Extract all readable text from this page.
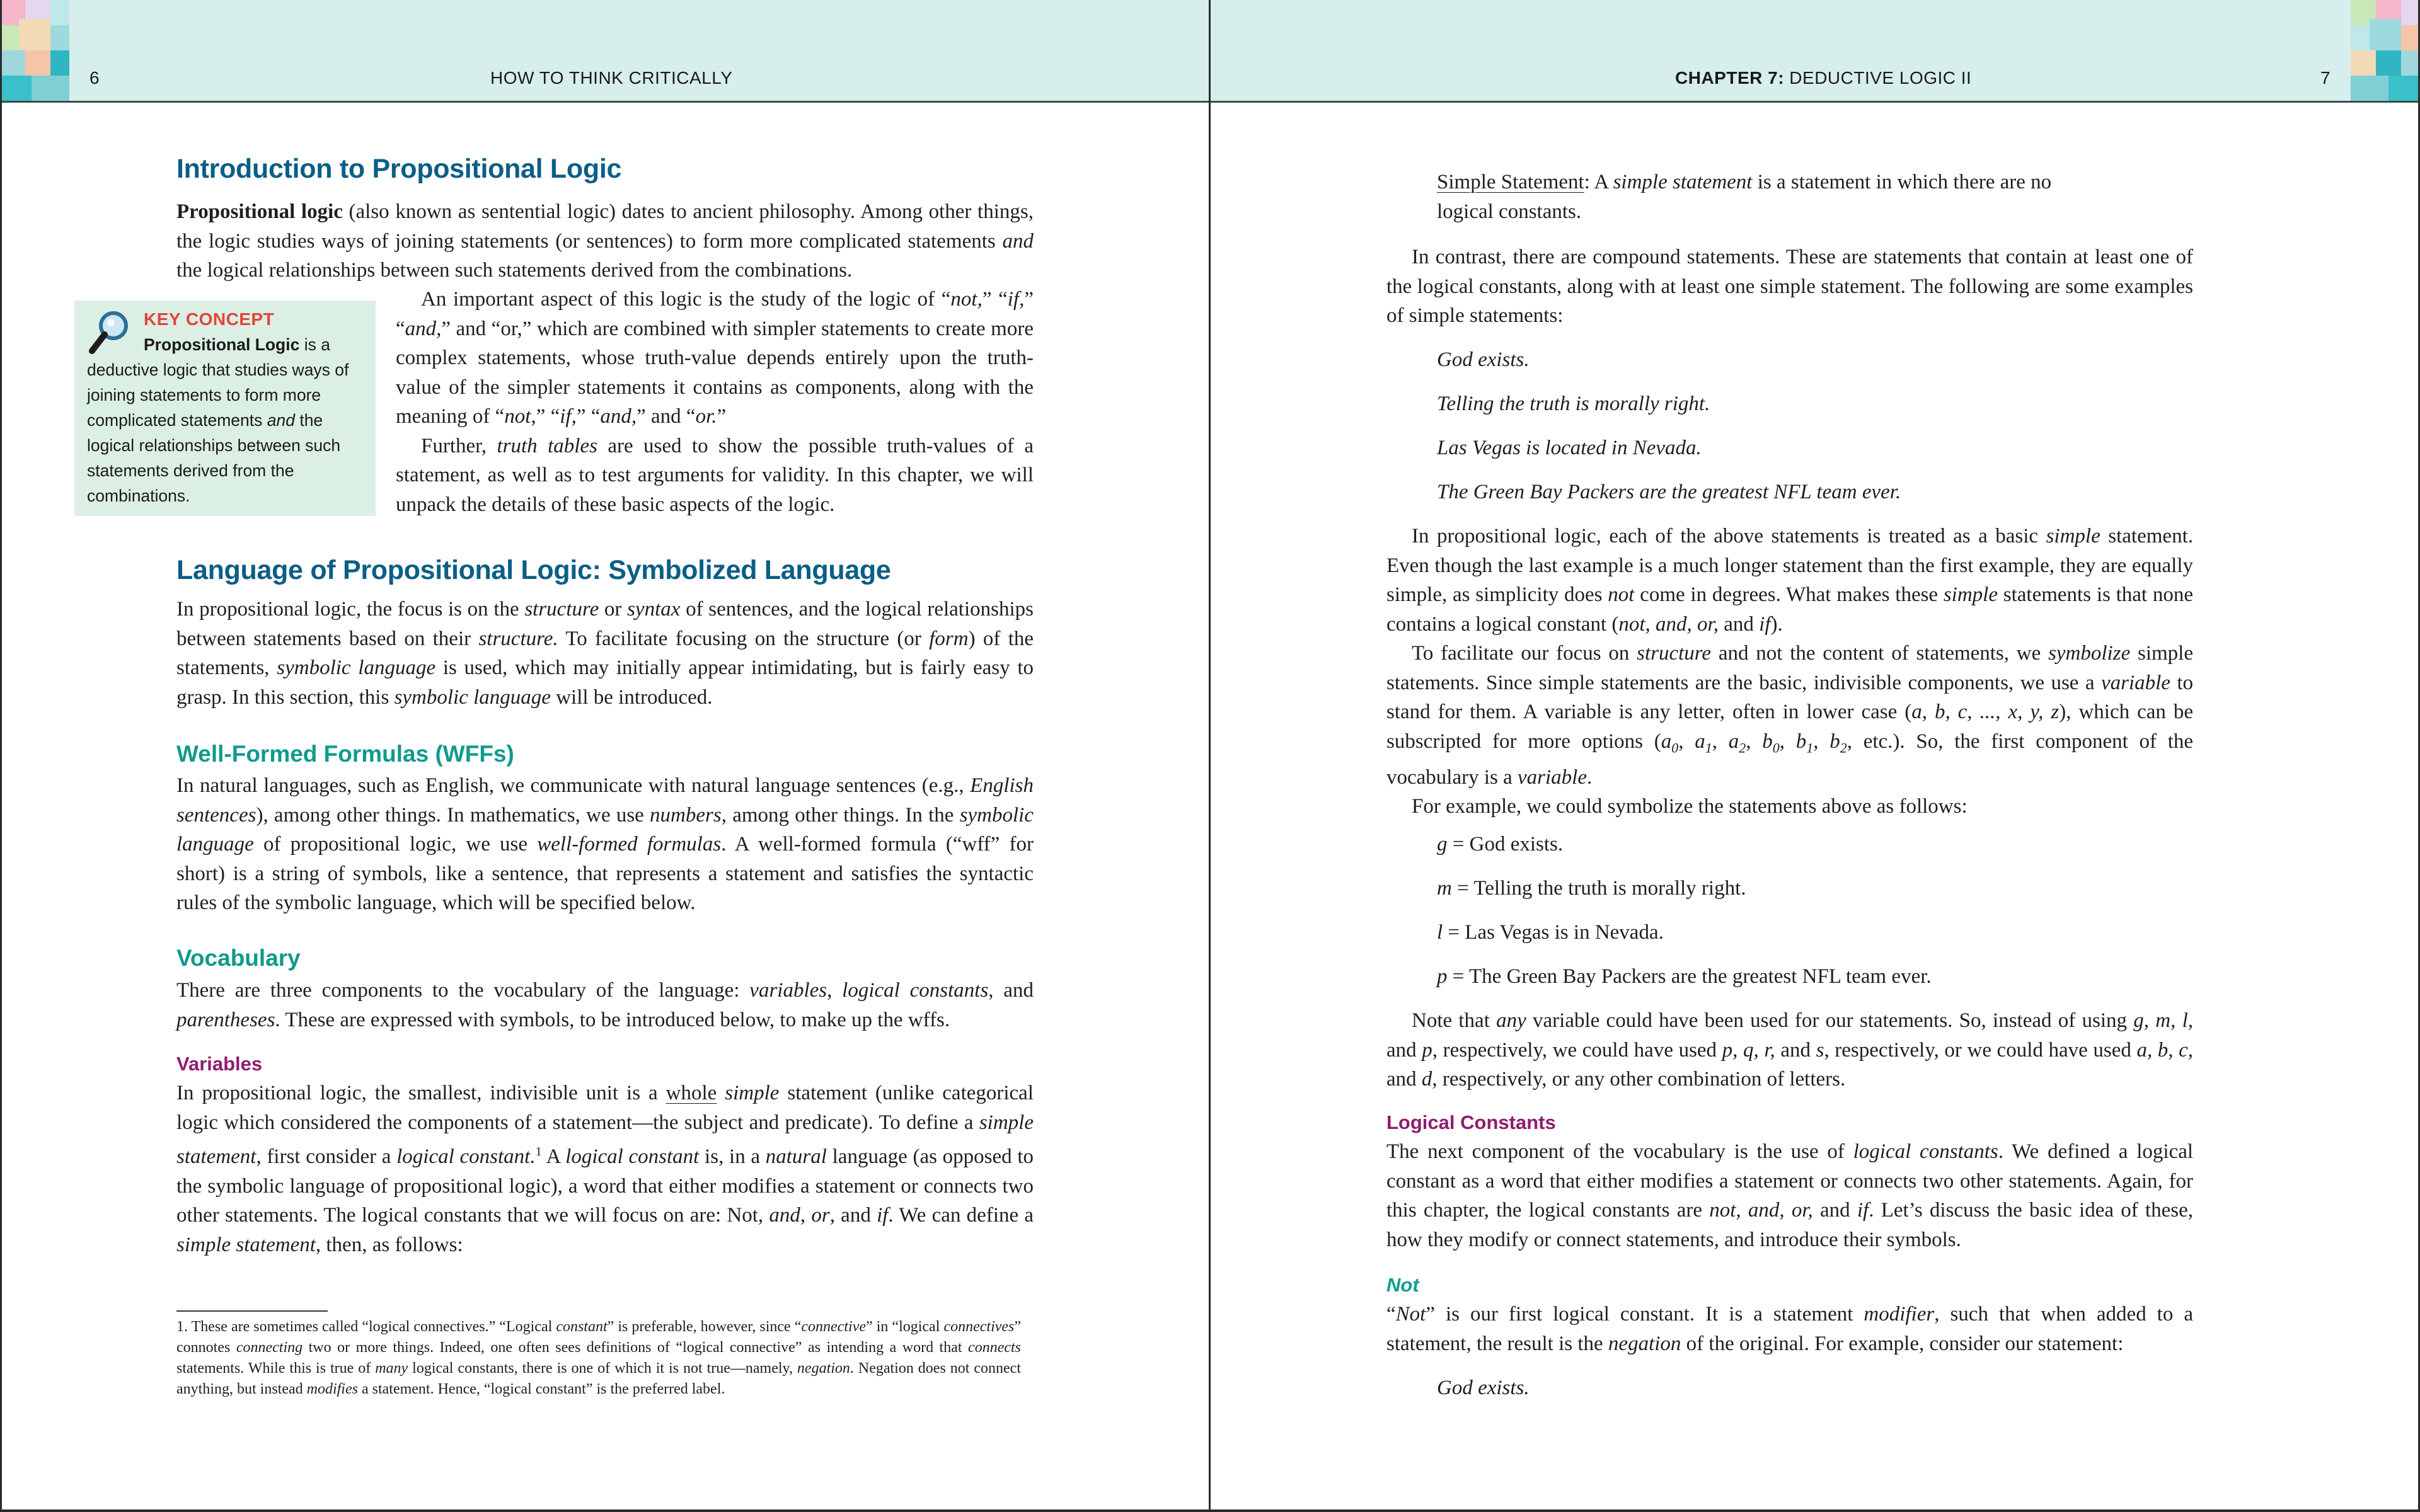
6	HOW TO THINK CRITICALLY
Introduction to Propositional Logic

Propositional logic (also known as sentential logic) dates to ancient philosophy. Among other things, the logic studies ways of joining statements (or sentences) to form more complicated statements and the logical relationships between such statements derived from the combinations.

KEY CONCEPT
Propositional Logic is a deductive logic that studies ways of joining statements to form more complicated statements and the logical relationships between such statements derived from the combinations.

An important aspect of this logic is the study of the logic of “not,” “if,” “and,” and “or,” which are combined with simpler statements to create more complex statements, whose truth-value depends entirely upon the truth-value of the simpler statements it contains as components, along with the meaning of “not,” “if,” “and,” and “or.”

Further, truth tables are used to show the possible truth-values of a statement, as well as to test arguments for validity. In this chapter, we will unpack the details of these basic aspects of the logic.

Language of Propositional Logic: Symbolized Language

In propositional logic, the focus is on the structure or syntax of sentences, and the logical relationships between statements based on their structure. To facilitate focusing on the structure (or form) of the statements, symbolic language is used, which may initially appear intimidating, but is fairly easy to grasp. In this section, this symbolic language will be introduced.

Well-Formed Formulas (WFFs)

In natural languages, such as English, we communicate with natural language sentences (e.g., English sentences), among other things. In mathematics, we use numbers, among other things. In the symbolic language of propositional logic, we use well-formed formulas. A well-formed formula (“wff” for short) is a string of symbols, like a sentence, that represents a statement and satisfies the syntactic rules of the symbolic language, which will be specified below.

Vocabulary

There are three components to the vocabulary of the language: variables, logical constants, and parentheses. These are expressed with symbols, to be introduced below, to make up the wffs.

Variables

In propositional logic, the smallest, indivisible unit is a whole simple statement (unlike categorical logic which considered the components of a statement—the subject and predicate). To define a simple statement, first consider a logical constant.$^1$ A logical constant is, in a natural language (as opposed to the symbolic language of propositional logic), a word that either modifies a statement or connects two other statements. The logical constants that we will focus on are: Not, and, or, and if. We can define a simple statement, then, as follows:

1. These are sometimes called “logical connectives.” “Logical constant” is preferable, however, since “connective” in “logical connectives” connotes connecting two or more things. Indeed, one often sees definitions of “logical connective” as intending a word that connects statements. While this is true of many logical constants, there is one of which it is not true—namely, negation. Negation does not connect anything, but instead modifies a statement. Hence, “logical constant” is the preferred label.
CHAPTER 7: DEDUCTIVE LOGIC II	7

Simple Statement: A simple statement is a statement in which there are no logical constants.

In contrast, there are compound statements. These are statements that contain at least one of the logical constants, along with at least one simple statement. The following are some examples of simple statements:

God exists.
Telling the truth is morally right.
Las Vegas is located in Nevada.
The Green Bay Packers are the greatest NFL team ever.

In propositional logic, each of the above statements is treated as a basic simple statement. Even though the last example is a much longer statement than the first example, they are equally simple, as simplicity does not come in degrees. What makes these simple statements is that none contains a logical constant (not, and, or, and if).

To facilitate our focus on structure and not the content of statements, we symbolize simple statements. Since simple statements are the basic, indivisible components, we use a variable to stand for them. A variable is any letter, often in lower case (a, b, c, ..., x, y, z), which can be subscripted for more options ($a_0$, $a_1$, $a_2$, $b_0$, $b_1$, $b_2$, etc.). So, the first component of the vocabulary is a variable.

For example, we could symbolize the statements above as follows:

g = God exists.
m = Telling the truth is morally right.
l = Las Vegas is in Nevada.
p = The Green Bay Packers are the greatest NFL team ever.

Note that any variable could have been used for our statements. So, instead of using g, m, l, and p, respectively, we could have used p, q, r, and s, respectively, or we could have used a, b, c, and d, respectively, or any other combination of letters.

Logical Constants

The next component of the vocabulary is the use of logical constants. We defined a logical constant as a word that either modifies a statement or connects two other statements. Again, for this chapter, the logical constants are not, and, or, and if. Let’s discuss the basic idea of these, how they modify or connect statements, and introduce their symbols.

Not

“Not” is our first logical constant. It is a statement modifier, such that when added to a statement, the result is the negation of the original. For example, consider our statement:

God exists.
